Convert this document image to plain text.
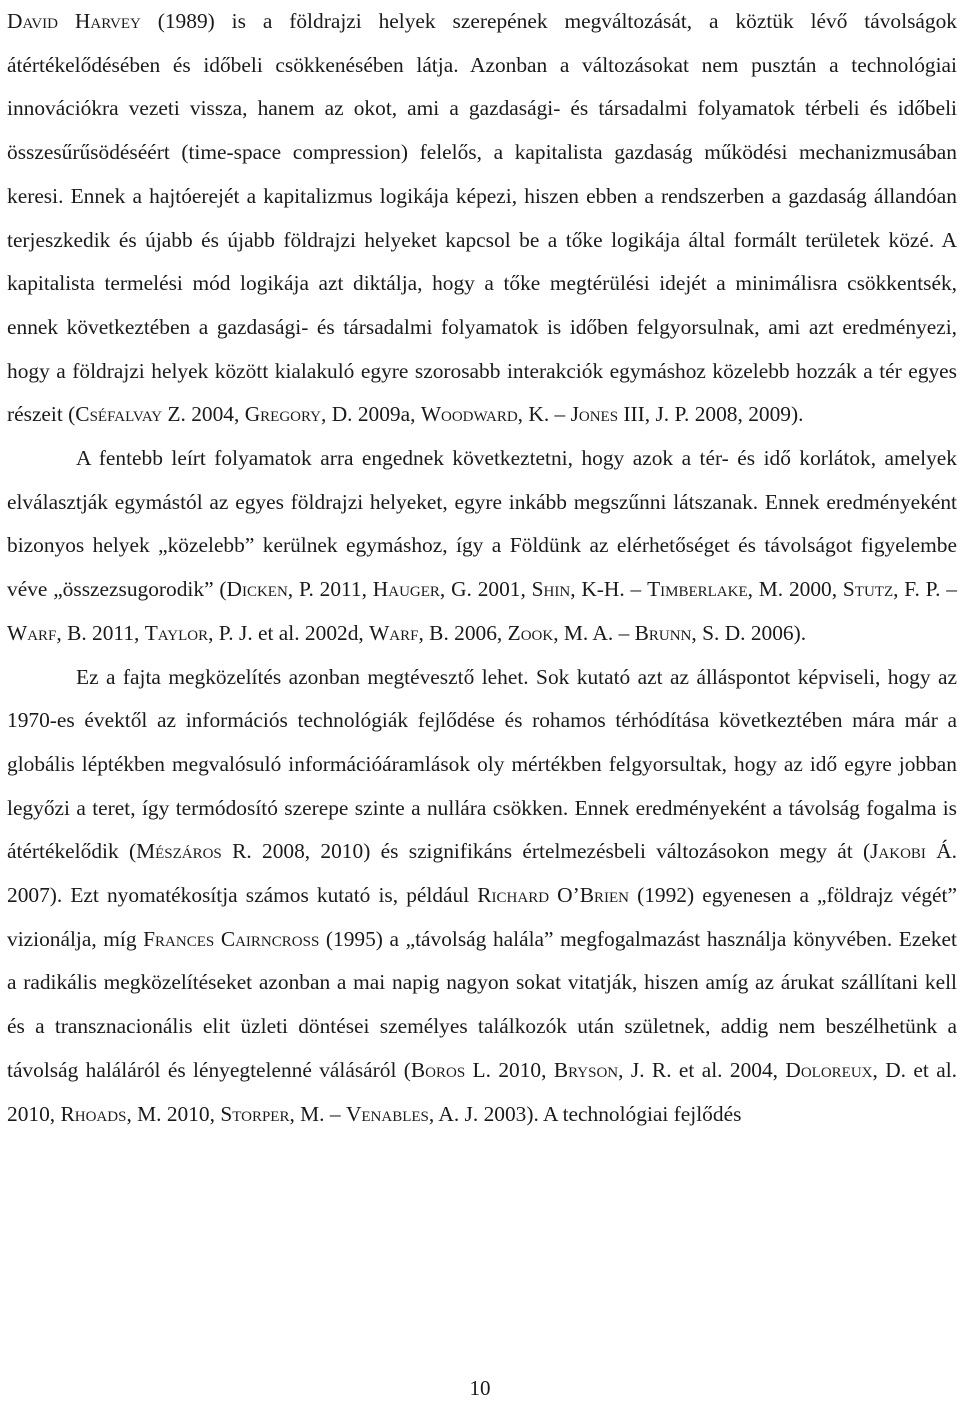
David Harvey (1989) is a földrajzi helyek szerepének megváltozását, a köztük lévő távolságok átértékelődésében és időbeli csökkenésében látja. Azonban a változásokat nem pusztán a technológiai innovációkra vezeti vissza, hanem az okot, ami a gazdasági- és társadalmi folyamatok térbeli és időbeli összesűrűsödéséért (time-space compression) felelős, a kapitalista gazdaság működési mechanizmusában keresi. Ennek a hajtóerejét a kapitalizmus logikája képezi, hiszen ebben a rendszerben a gazdaság állandóan terjeszkedik és újabb és újabb földrajzi helyeket kapcsol be a tőke logikája által formált területek közé. A kapitalista termelési mód logikája azt diktálja, hogy a tőke megtérülési idejét a minimálisra csökkentsék, ennek következtében a gazdasági- és társadalmi folyamatok is időben felgyorsulnak, ami azt eredményezi, hogy a földrajzi helyek között kialakuló egyre szorosabb interakciók egymáshoz közelebb hozzák a tér egyes részeit (Cséfalvay Z. 2004, Gregory, D. 2009a, Woodward, K. – Jones III, J. P. 2008, 2009).

A fentebb leírt folyamatok arra engednek következtetni, hogy azok a tér- és idő korlátok, amelyek elválasztják egymástól az egyes földrajzi helyeket, egyre inkább megszűnni látszanak. Ennek eredményeként bizonyos helyek „közelebb” kerülnek egymáshoz, így a Földünk az elérhetőséget és távolságot figyelembe véve „összezsugorodik” (Dicken, P. 2011, Hauger, G. 2001, Shin, K-H. – Timberlake, M. 2000, Stutz, F. P. – Warf, B. 2011, Taylor, P. J. et al. 2002d, Warf, B. 2006, Zook, M. A. – Brunn, S. D. 2006).

Ez a fajta megközelítés azonban megtévesztő lehet. Sok kutató azt az álláspontot képviseli, hogy az 1970-es évektől az információs technológiák fejlődése és rohamos térhódítása következtében mára már a globális léptékben megvalósuló információáramlások oly mértékben felgyorsultak, hogy az idő egyre jobban legyőzi a teret, így termódosító szerepe szinte a nullára csökken. Ennek eredményeként a távolság fogalma is átértékelődik (Mészáros R. 2008, 2010) és szignifikáns értelmezésbeli változásokon megy át (Jakobi Á. 2007). Ezt nyomatékosítja számos kutató is, például Richard O’Brien (1992) egyenesen a „földrajz végét” vizionálja, míg Frances Cairncross (1995) a „távolság halála” megfogalmazást használja könyvében. Ezeket a radikális megközelítéseket azonban a mai napig nagyon sokat vitatják, hiszen amíg az árukat szállítani kell és a transznacionális elit üzleti döntései személyes találkozók után születnek, addig nem beszélhetünk a távolság haláláról és lényegtelenné válásáról (Boros L. 2010, Bryson, J. R. et al. 2004, Doloreux, D. et al. 2010, Rhoads, M. 2010, Storper, M. – Venables, A. J. 2003). A technológiai fejlődés

10
